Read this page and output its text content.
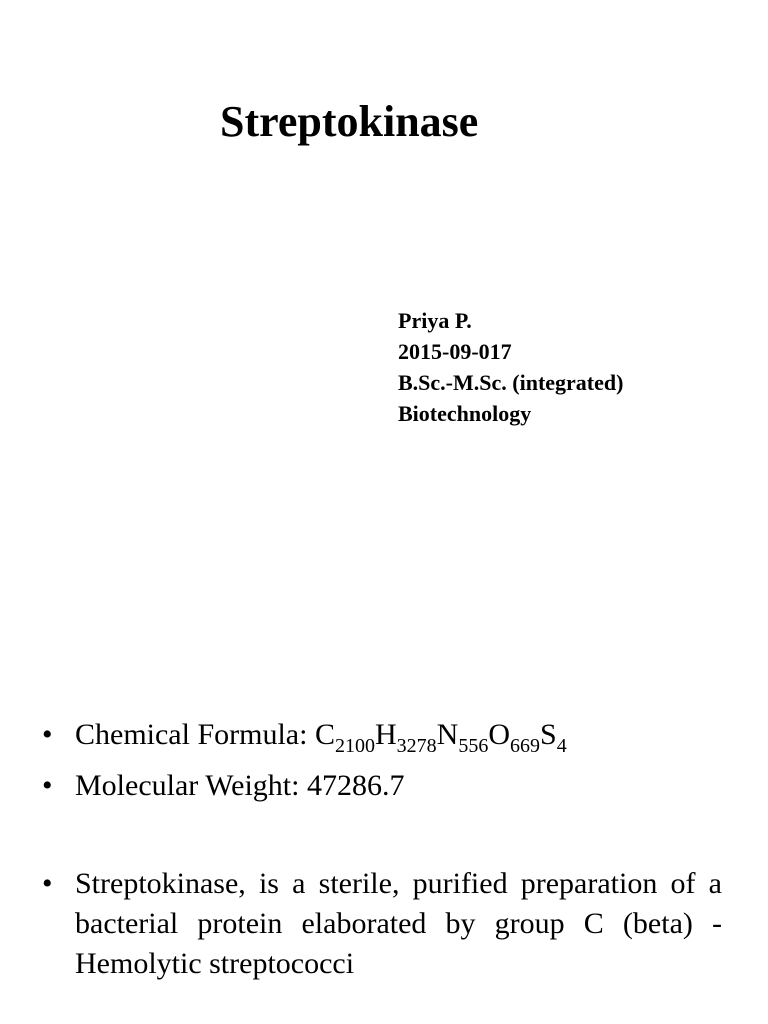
Streptokinase
Priya P.
2015-09-017
B.Sc.-M.Sc. (integrated)
Biotechnology
• Chemical Formula: $C_{2100}H_{3278}N_{556}O_{669}S_4$
• Molecular Weight: 47286.7
• Streptokinase, is a sterile, purified preparation of a bacterial protein elaborated by group C (beta) -Hemolytic streptococci
